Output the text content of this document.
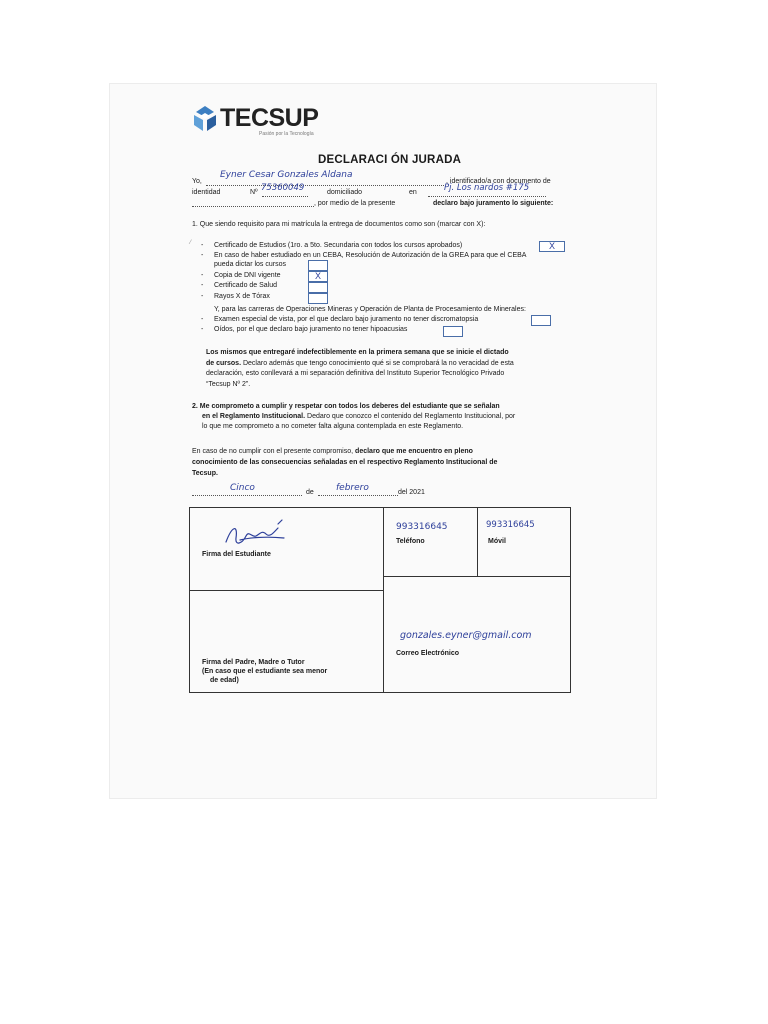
TECSUP
Pasión por la Tecnología
DECLARACI ÓN JURADA
Yo,
Eyner Cesar Gonzales Aldana
, identificado/a con documento de
identidad	Nº 75360049	domiciliado	en	Pj. Los nardos #175
, por medio de la presente	declaro bajo juramento lo siguiente:
1. Que siendo requisito para mi matrícula la entrega de documentos como son (marcar con X):
⁄ - Certificado de Estudios (1ro. a 5to. Secundaria con todos los cursos aprobados)	X
- En caso de haber estudiado en un CEBA, Resolución de Autorización de la GREA para que el CEBA
pueda dictar los cursos
- Copia de DNI vigente	X
- Certificado de Salud
- Rayos X de Tórax
Y, para las carreras de Operaciones Mineras y Operación de Planta de Procesamiento de Minerales:
- Examen especial de vista, por el que declaro bajo juramento no tener discromatopsia
- Oídos, por el que declaro bajo juramento no tener hipoacusias
Los mismos que entregaré indefectiblemente en la primera semana que se inicie el dictado
de cursos. Declaro además que tengo conocimiento qué si se comprobará la no veracidad de esta
declaración, esto conllevará a mi separación definitiva del Instituto Superior Tecnológico Privado
“Tecsup Nº 2”.
2. Me comprometo a cumplir y respetar con todos los deberes del estudiante que se señalan
en el Reglamento Institucional. Dedaro que conozco el contenido del Reglamento Institucional, por
lo que me comprometo a no cometer falta alguna contemplada en este Reglamento.
En caso de no cumplir con el presente compromiso, declaro que me encuentro en pleno
conocimiento de las consecuencias señaladas en el respectivo Reglamento Institucional de
Tecsup.
Cinco	de febrero	del 2021
Firma del Estudiante
993316645
Teléfono
993316645
Móvil
Firma del Padre, Madre o Tutor
(En caso que el estudiante sea menor
de edad)
gonzales.eyner@gmail.com
Correo Electrónico
